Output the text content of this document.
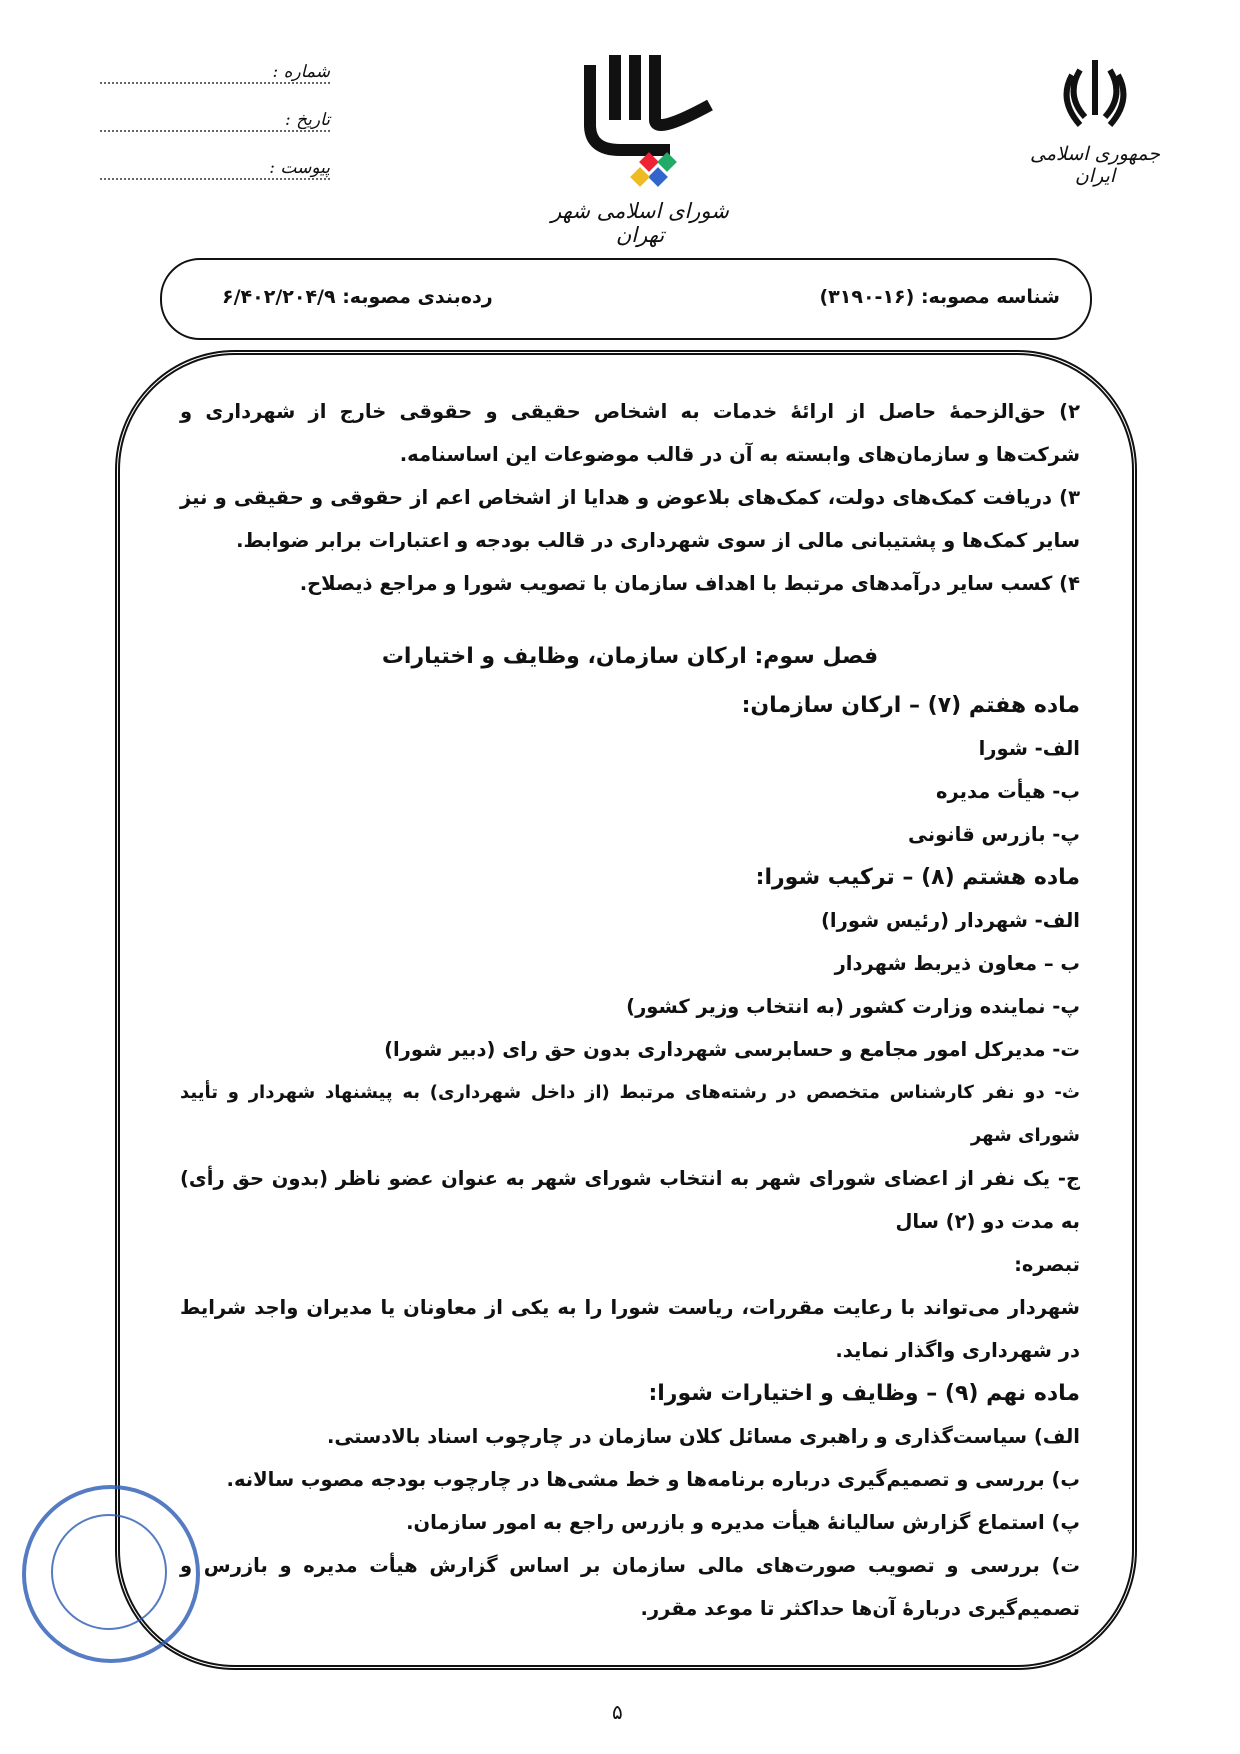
شماره :
تاریخ :
پیوست :
جمهوری اسلامی ایران
شورای اسلامی شهر تهران
شناسه مصوبه: (۱۶-۳۱۹۰)
رده‌بندی مصوبه: ۶/۴۰۲/۲۰۴/۹

۲) حق‌الزحمهٔ حاصل از ارائهٔ خدمات به اشخاص حقیقی و حقوقی خارج از شهرداری و شرکت‌ها و سازمان‌های وابسته به آن در قالب موضوعات این اساسنامه.

۳) دریافت کمک‌های دولت، کمک‌های بلاعوض و هدایا از اشخاص اعم از حقوقی و حقیقی و نیز سایر کمک‌ها و پشتیبانی مالی از سوی شهرداری در قالب بودجه و اعتبارات برابر ضوابط.

۴) کسب سایر درآمدهای مرتبط با اهداف سازمان با تصویب شورا و مراجع ذیصلاح.

فصل سوم: ارکان سازمان، وظایف و اختیارات

ماده هفتم (۷) – ارکان سازمان:

الف- شورا

ب- هیأت مدیره

پ- بازرس قانونی

ماده هشتم (۸) – ترکیب شورا:

الف- شهردار (رئیس شورا)

ب – معاون ذیربط شهردار

پ- نماینده وزارت کشور (به انتخاب وزیر کشور)

ت- مدیرکل امور مجامع و حسابرسی شهرداری بدون حق رای (دبیر شورا)

ث- دو نفر کارشناس متخصص در رشته‌های مرتبط (از داخل شهرداری) به پیشنهاد شهردار و تأیید شورای شهر

ج- یک نفر از اعضای شورای شهر به انتخاب شورای شهر به عنوان عضو ناظر (بدون حق رأی) به مدت دو (۲) سال

تبصره:

شهردار می‌تواند با رعایت مقررات، ریاست شورا را به یکی از معاونان یا مدیران واجد شرایط در شهرداری واگذار نماید.

ماده نهم (۹) – وظایف و اختیارات شورا:

الف) سیاست‌گذاری و راهبری مسائل کلان سازمان در چارچوب اسناد بالادستی.

ب) بررسی و تصمیم‌گیری درباره برنامه‌ها و خط مشی‌ها در چارچوب بودجه مصوب سالانه.

پ) استماع گزارش سالیانهٔ هیأت مدیره و بازرس راجع به امور سازمان.

ت) بررسی و تصویب صورت‌های مالی سازمان بر اساس گزارش هیأت مدیره و بازرس و تصمیم‌گیری دربارهٔ آن‌ها حداکثر تا موعد مقرر.

۵
